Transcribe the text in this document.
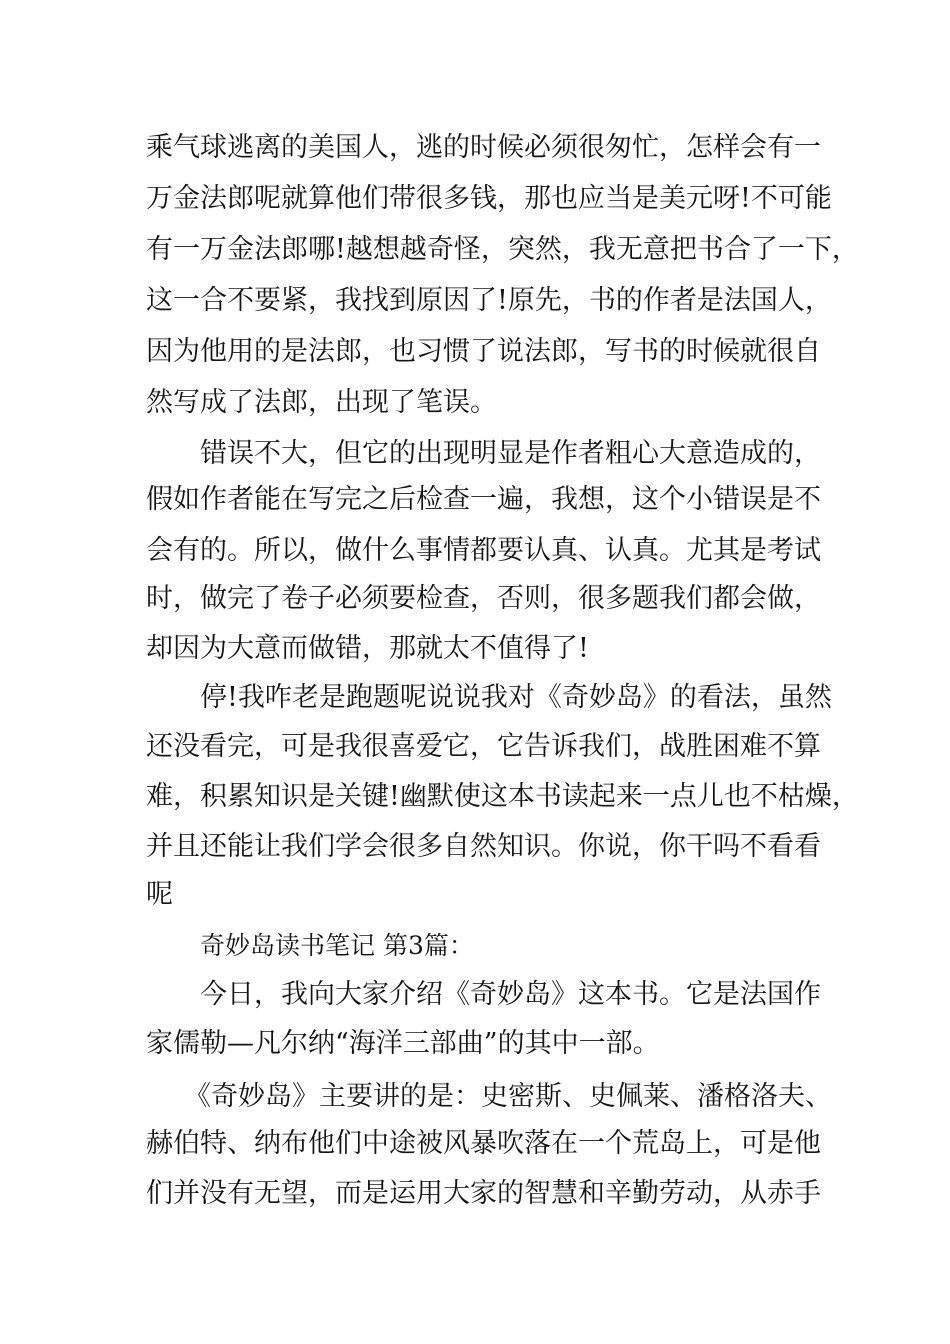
乘气球逃离的美国人，逃的时候必须很匆忙，怎样会有一

万金法郎呢就算他们带很多钱，那也应当是美元呀!不可能

有一万金法郎哪!越想越奇怪，突然，我无意把书合了一下，

这一合不要紧，我找到原因了!原先，书的作者是法国人，

因为他用的是法郎，也习惯了说法郎，写书的时候就很自

然写成了法郎，出现了笔误。

错误不大，但它的出现明显是作者粗心大意造成的，

假如作者能在写完之后检查一遍，我想，这个小错误是不

会有的。所以，做什么事情都要认真、认真。尤其是考试

时，做完了卷子必须要检查，否则，很多题我们都会做，

却因为大意而做错，那就太不值得了!

停!我咋老是跑题呢说说我对《奇妙岛》的看法，虽然

还没看完，可是我很喜爱它，它告诉我们，战胜困难不算

难，积累知识是关键!幽默使这本书读起来一点儿也不枯燥，

并且还能让我们学会很多自然知识。你说，你干吗不看看

呢

奇妙岛读书笔记 第3篇：

今日，我向大家介绍《奇妙岛》这本书。它是法国作

家儒勒—凡尔纳“海洋三部曲”的其中一部。

《奇妙岛》主要讲的是：史密斯、史佩莱、潘格洛夫、

赫伯特、纳布他们中途被风暴吹落在一个荒岛上，可是他

们并没有无望，而是运用大家的智慧和辛勤劳动，从赤手
